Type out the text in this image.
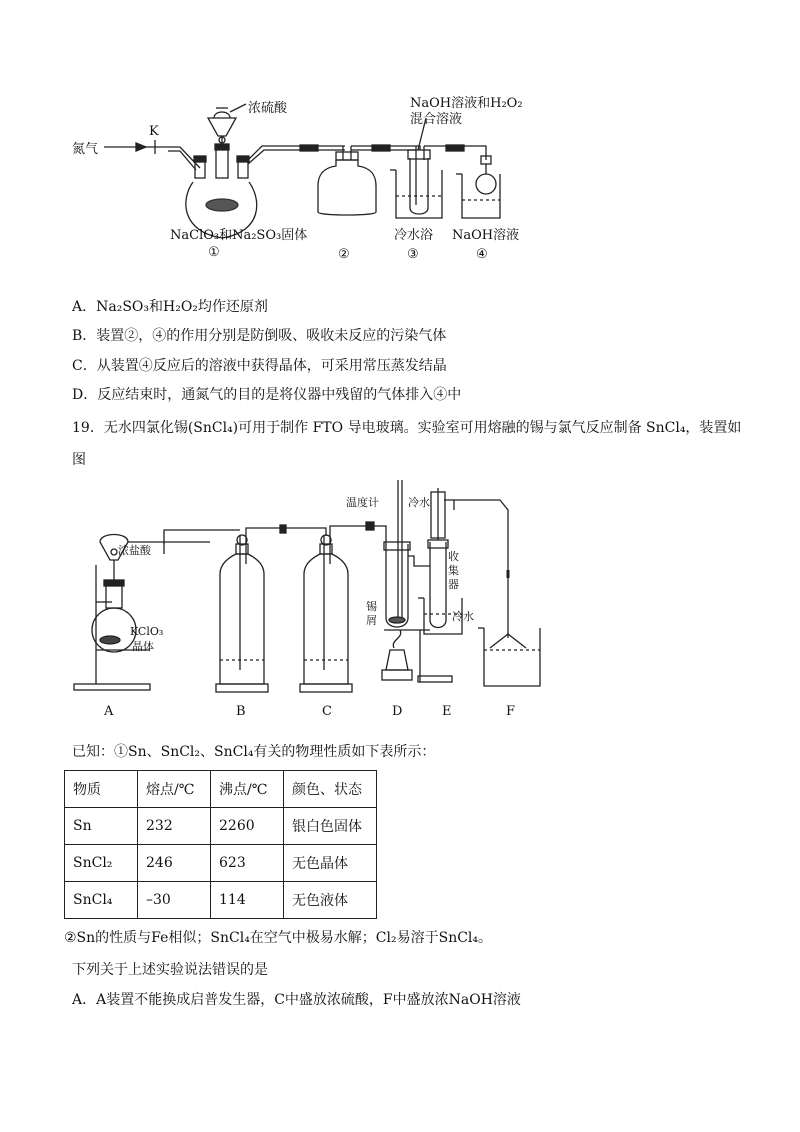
氮气
K
浓硫酸	NaOH溶液和H₂O₂
混合溶液
NaClO₃和Na₂SO₃固体	冷水浴 NaOH溶液
①	②	③	④
A．Na₂SO₃和H₂O₂均作还原剂
B．装置②，④的作用分别是防倒吸、吸收未反应的污染气体
C．从装置④反应后的溶液中获得晶体，可采用常压蒸发结晶
D．反应结束时，通氮气的目的是将仪器中残留的气体排入④中
19．无水四氯化锡(SnCl₄)可用于制作 FTO 导电玻璃。实验室可用熔融的锡与氯气反应制备 SnCl₄，装置如
图
浓盐酸
KClO₃
晶体
温度计	冷水
收
集
器
锡
屑	冷水
A	B	C	D	E	F
已知：①Sn、SnCl₂、SnCl₄有关的物理性质如下表所示：
物质	熔点/℃	沸点/℃	颜色、状态
Sn	232	2260	银白色固体
SnCl₂	246	623	无色晶体
SnCl₄	–30	114	无色液体
②Sn的性质与Fe相似；SnCl₄在空气中极易水解；Cl₂易溶于SnCl₄。
下列关于上述实验说法错误的是
A．A装置不能换成启普发生器，C中盛放浓硫酸，F中盛放浓NaOH溶液
